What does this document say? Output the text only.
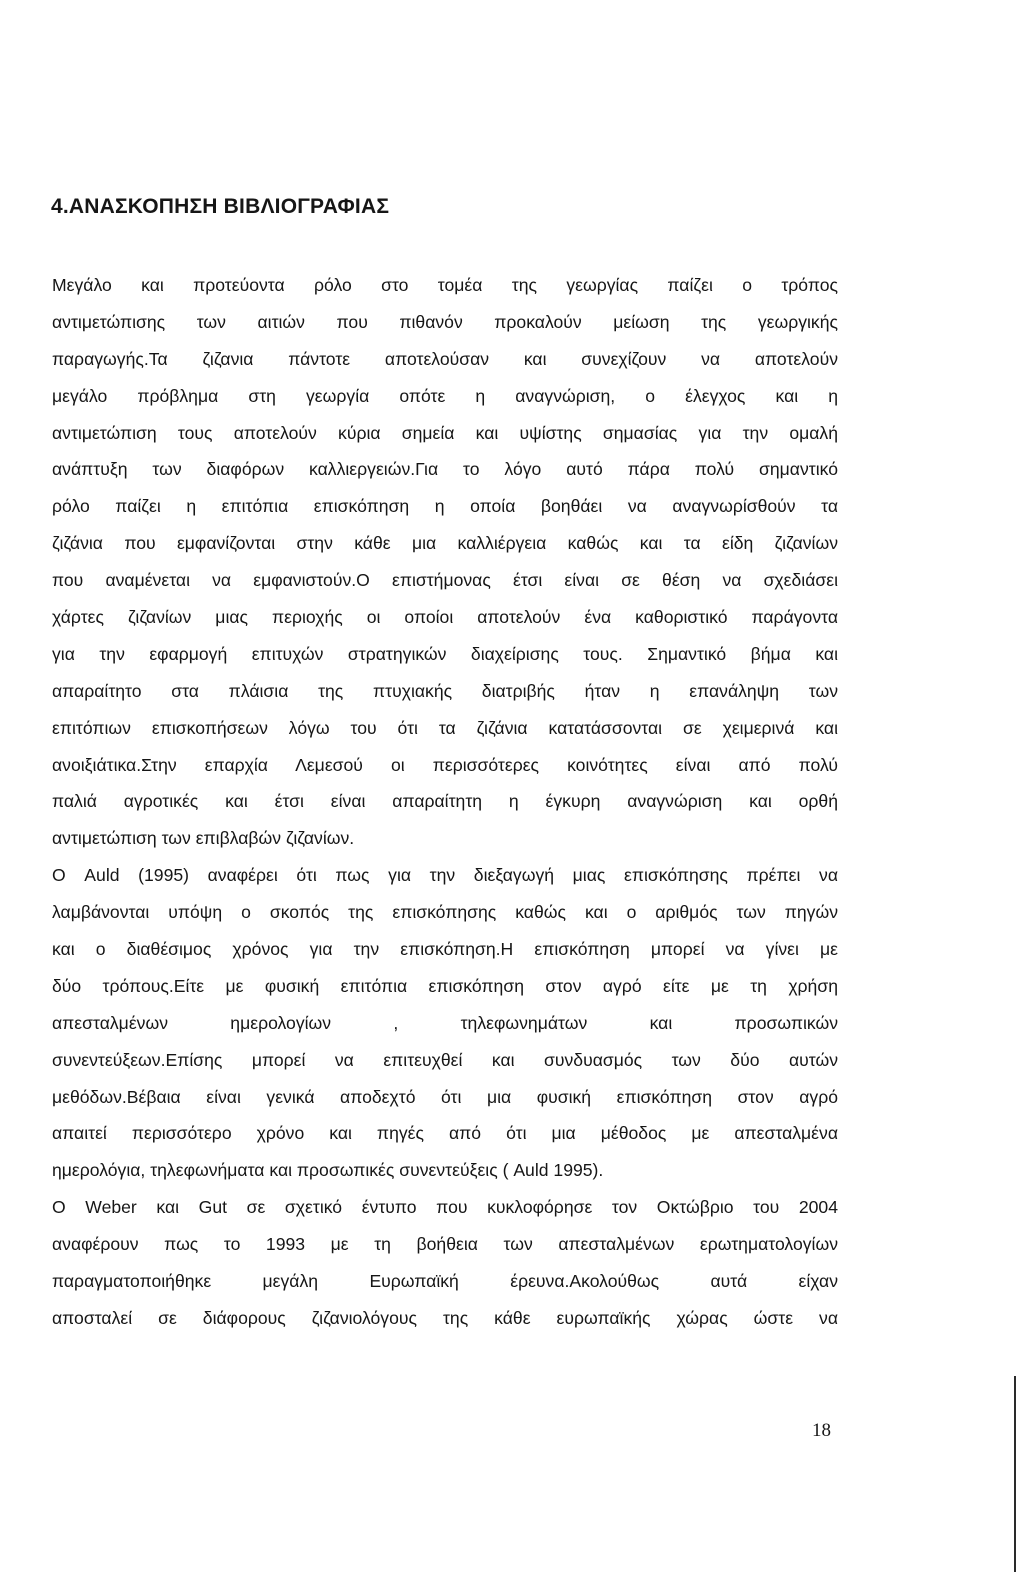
4.ΑΝΑΣΚΟΠΗΣΗ ΒΙΒΛΙΟΓΡΑΦΙΑΣ
Μεγάλο και προτεύοντα ρόλο στο τομέα της γεωργίας παίζει ο τρόπος
αντιμετώπισης των αιτιών που πιθανόν προκαλούν μείωση της γεωργικής
παραγωγής.Τα ζιζανια πάντοτε αποτελούσαν και συνεχίζουν να αποτελούν
μεγάλο πρόβλημα στη γεωργία οπότε η αναγνώριση, ο έλεγχος και η
αντιμετώπιση τους αποτελούν κύρια σημεία και υψίστης σημασίας για την ομαλή
ανάπτυξη των διαφόρων καλλιεργειών.Για το λόγο αυτό πάρα πολύ σημαντικό
ρόλο παίζει η επιτόπια επισκόπηση η οποία βοηθάει να αναγνωρίσθούν τα
ζιζάνια που εμφανίζονται στην κάθε μια καλλιέργεια καθώς και τα είδη ζιζανίων
που αναμένεται να εμφανιστούν.Ο επιστήμονας έτσι είναι σε θέση να σχεδιάσει
χάρτες ζιζανίων μιας περιοχής οι οποίοι αποτελούν ένα καθοριστικό παράγοντα
για την εφαρμογή επιτυχών στρατηγικών διαχείρισης τους. Σημαντικό βήμα και
απαραίτητο στα πλάισια της πτυχιακής διατριβής ήταν η επανάληψη των
επιτόπιων επισκοπήσεων λόγω του ότι τα ζιζάνια κατατάσσονται σε χειμερινά και
ανοιξιάτικα.Στην επαρχία Λεμεσού οι περισσότερες κοινότητες είναι από πολύ
παλιά αγροτικές και έτσι είναι απαραίτητη η έγκυρη αναγνώριση και ορθή
αντιμετώπιση των επιβλαβών ζιζανίων.
Ο Auld (1995) αναφέρει ότι πως για την διεξαγωγή μιας επισκόπησης πρέπει να
λαμβάνονται υπόψη ο σκοπός της επισκόπησης καθώς και ο αριθμός των πηγών
και ο διαθέσιμος χρόνος για την επισκόπηση.Η επισκόπηση μπορεί να γίνει με
δύο τρόπους.Είτε με φυσική επιτόπια επισκόπηση στον αγρό είτε με τη χρήση
απεσταλμένων ημερολογίων , τηλεφωνημάτων και προσωπικών
συνεντεύξεων.Επίσης μπορεί να επιτευχθεί και συνδυασμός των δύο αυτών
μεθόδων.Βέβαια είναι γενικά αποδεχτό ότι μια φυσική επισκόπηση στον αγρό
απαιτεί περισσότερο χρόνο και πηγές από ότι μια μέθοδος με απεσταλμένα
ημερολόγια, τηλεφωνήματα και προσωπικές συνεντεύξεις ( Auld 1995).
Ο Weber και Gut σε σχετικό έντυπο που κυκλοφόρησε τον Οκτώβριο του 2004
αναφέρουν πως το 1993 με τη βοήθεια των απεσταλμένων ερωτηματολογίων
παραγματοποιήθηκε μεγάλη Ευρωπαϊκή έρευνα.Ακολούθως αυτά είχαν
αποσταλεί σε διάφορους ζιζανιολόγους της κάθε ευρωπαϊκής χώρας ώστε να
18
